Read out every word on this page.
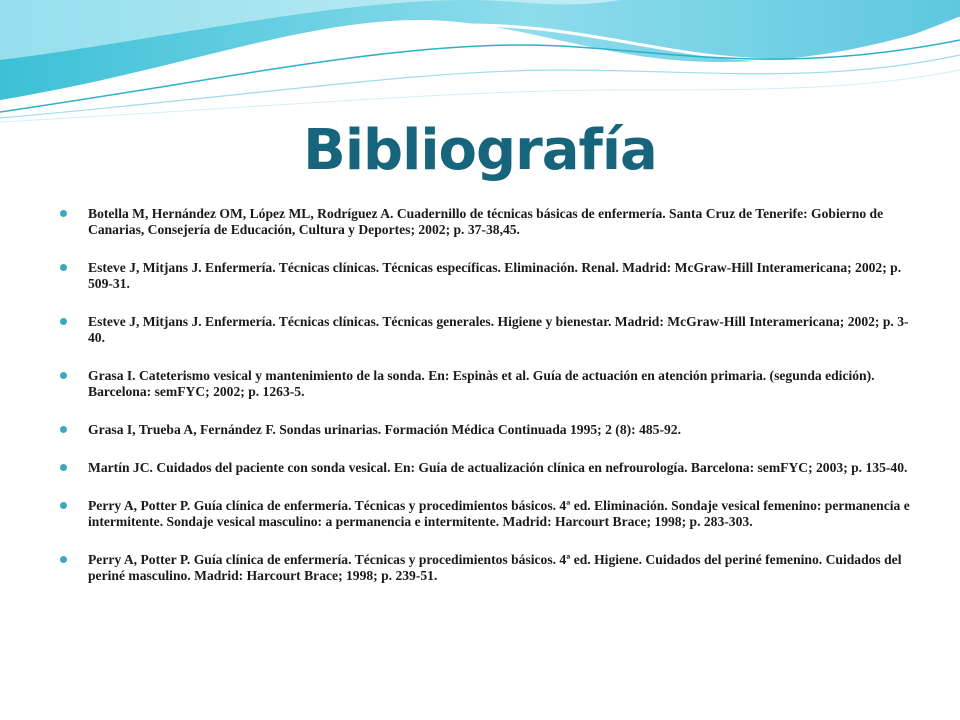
Bibliografía
Botella M, Hernández OM, López ML, Rodríguez A. Cuadernillo de técnicas básicas de enfermería. Santa Cruz de Tenerife: Gobierno de Canarias, Consejería de Educación, Cultura y Deportes; 2002; p. 37-38,45.
Esteve J, Mitjans J. Enfermería. Técnicas clínicas. Técnicas específicas. Eliminación. Renal. Madrid: McGraw-Hill Interamericana; 2002; p. 509-31.
Esteve J, Mitjans J. Enfermería. Técnicas clínicas. Técnicas generales. Higiene y bienestar. Madrid: McGraw-Hill Interamericana; 2002; p. 3-40.
Grasa I. Cateterismo vesical y mantenimiento de la sonda. En: Espinàs et al. Guía de actuación en atención primaria. (segunda edición). Barcelona: semFYC; 2002; p. 1263-5.
Grasa I, Trueba A, Fernández F. Sondas urinarias. Formación Médica Continuada 1995; 2 (8): 485-92.
Martín JC. Cuidados del paciente con sonda vesical. En: Guía de actualización clínica en nefrourología. Barcelona: semFYC; 2003; p. 135-40.
Perry A, Potter P. Guía clínica de enfermería. Técnicas y procedimientos básicos. 4ª ed. Eliminación. Sondaje vesical femenino: permanencia e intermitente. Sondaje vesical masculino: a permanencia e intermitente. Madrid: Harcourt Brace; 1998; p. 283-303.
Perry A, Potter P. Guía clínica de enfermería. Técnicas y procedimientos básicos. 4ª ed. Higiene. Cuidados del periné femenino. Cuidados del periné masculino. Madrid: Harcourt Brace; 1998; p. 239-51.
